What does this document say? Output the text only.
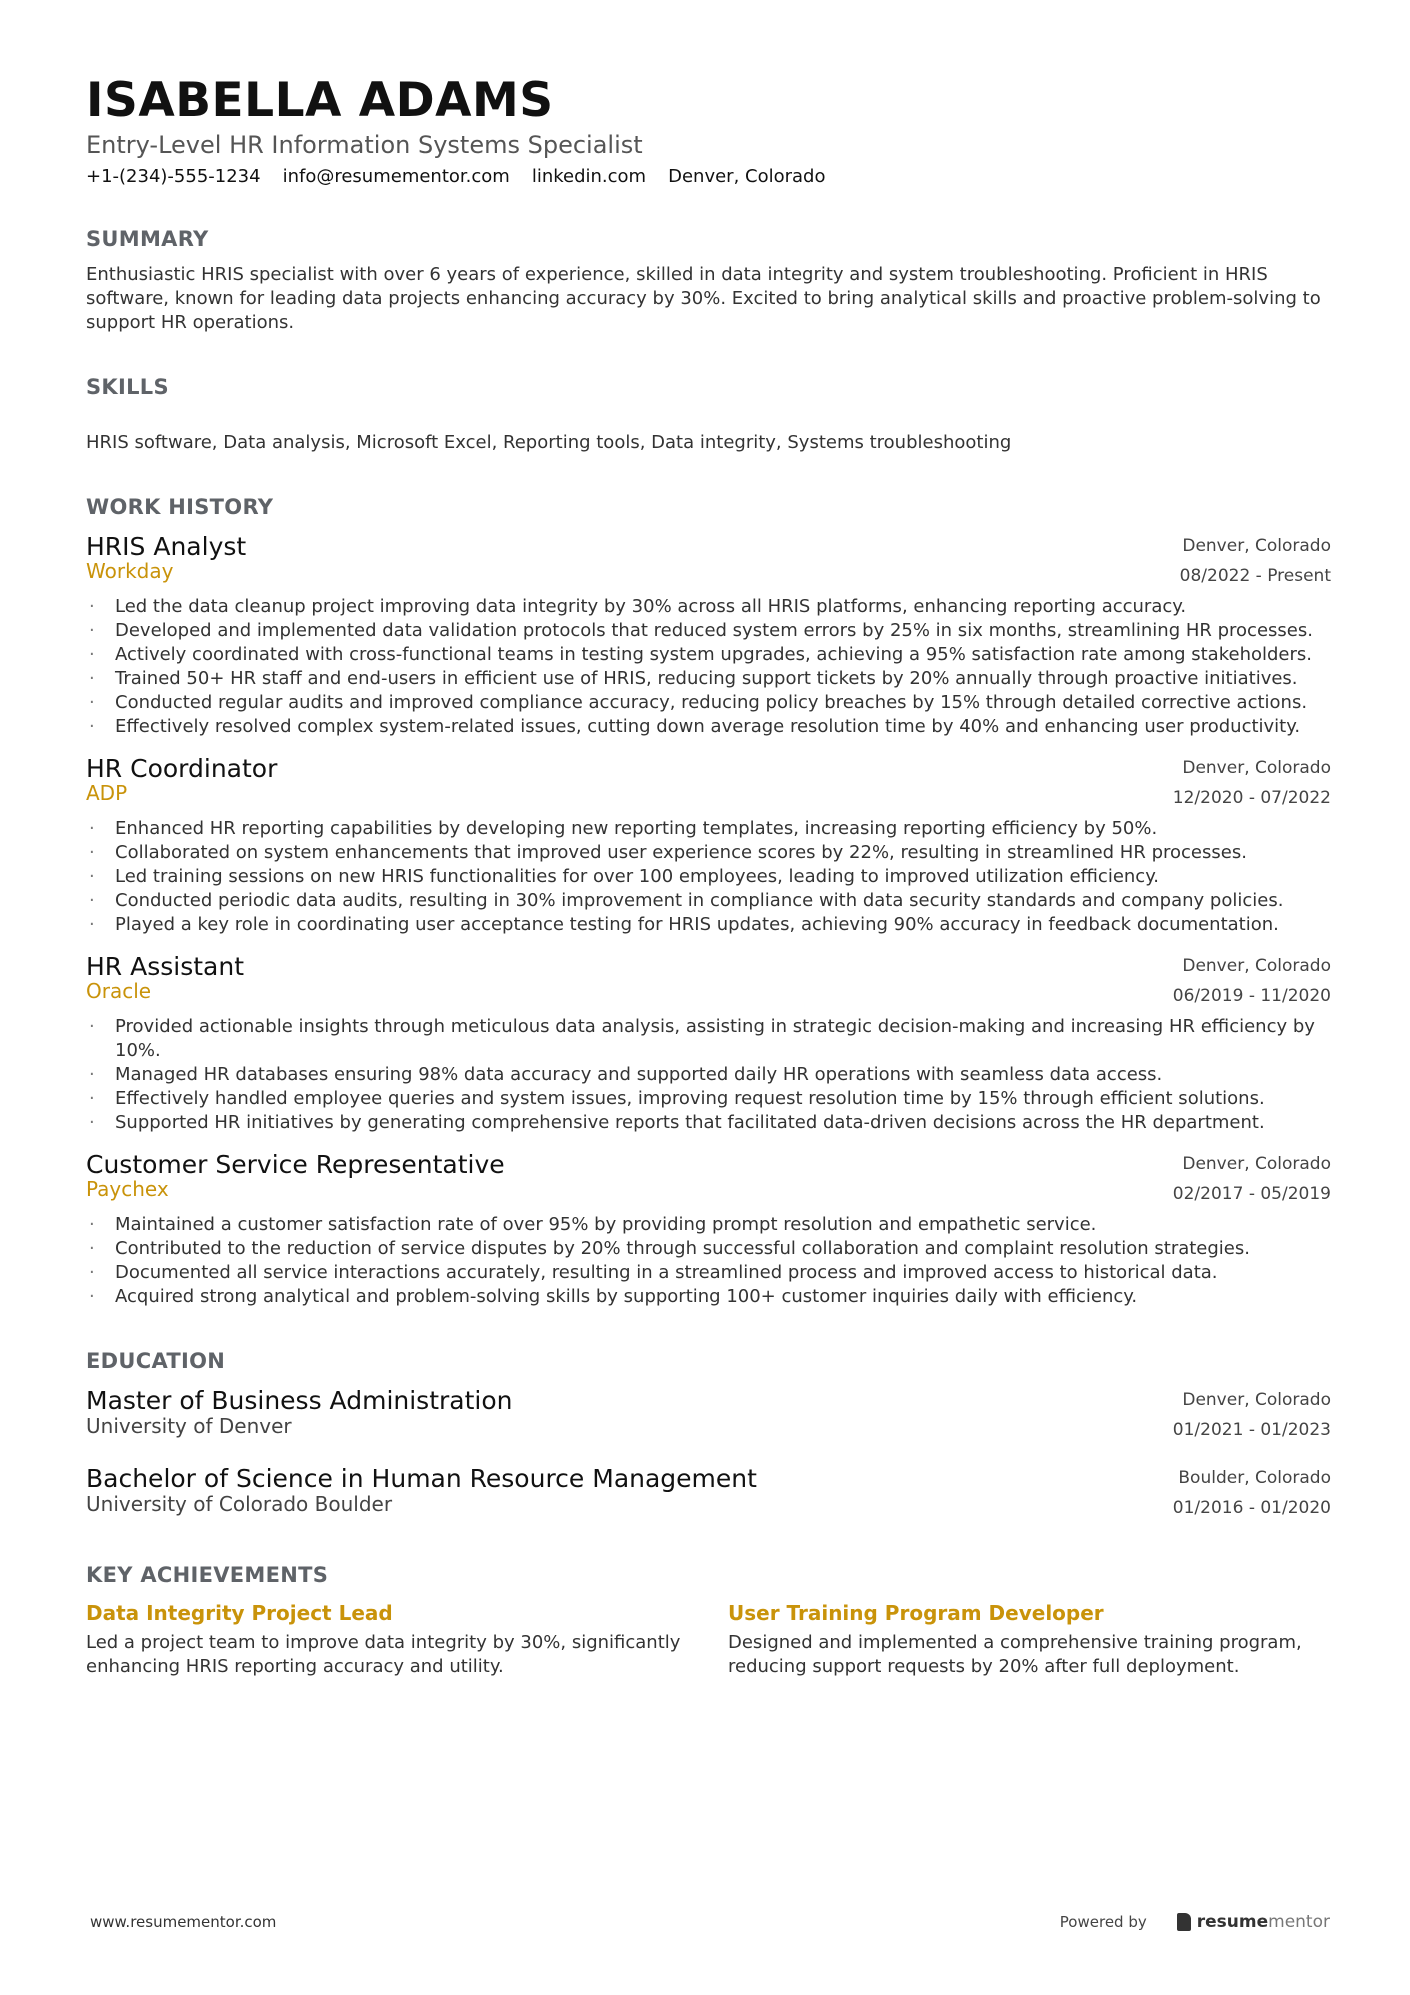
ISABELLA ADAMS
Entry-Level HR Information Systems Specialist
+1-(234)-555-1234 info@resumementor.com linkedin.com Denver, Colorado
SUMMARY
Enthusiastic HRIS specialist with over 6 years of experience, skilled in data integrity and system troubleshooting. Proficient in HRIS software, known for leading data projects enhancing accuracy by 30%. Excited to bring analytical skills and proactive problem-solving to support HR operations.
SKILLS
HRIS software, Data analysis, Microsoft Excel, Reporting tools, Data integrity, Systems troubleshooting
WORK HISTORY
HRIS Analyst
Workday
Denver, Colorado
08/2022 - Present
· Led the data cleanup project improving data integrity by 30% across all HRIS platforms, enhancing reporting accuracy.
· Developed and implemented data validation protocols that reduced system errors by 25% in six months, streamlining HR processes.
· Actively coordinated with cross-functional teams in testing system upgrades, achieving a 95% satisfaction rate among stakeholders.
· Trained 50+ HR staff and end-users in efficient use of HRIS, reducing support tickets by 20% annually through proactive initiatives.
· Conducted regular audits and improved compliance accuracy, reducing policy breaches by 15% through detailed corrective actions.
· Effectively resolved complex system-related issues, cutting down average resolution time by 40% and enhancing user productivity.
HR Coordinator
ADP
Denver, Colorado
12/2020 - 07/2022
· Enhanced HR reporting capabilities by developing new reporting templates, increasing reporting efficiency by 50%.
· Collaborated on system enhancements that improved user experience scores by 22%, resulting in streamlined HR processes.
· Led training sessions on new HRIS functionalities for over 100 employees, leading to improved utilization efficiency.
· Conducted periodic data audits, resulting in 30% improvement in compliance with data security standards and company policies.
· Played a key role in coordinating user acceptance testing for HRIS updates, achieving 90% accuracy in feedback documentation.
HR Assistant
Oracle
Denver, Colorado
06/2019 - 11/2020
· Provided actionable insights through meticulous data analysis, assisting in strategic decision-making and increasing HR efficiency by 10%.
· Managed HR databases ensuring 98% data accuracy and supported daily HR operations with seamless data access.
· Effectively handled employee queries and system issues, improving request resolution time by 15% through efficient solutions.
· Supported HR initiatives by generating comprehensive reports that facilitated data-driven decisions across the HR department.
Customer Service Representative
Paychex
Denver, Colorado
02/2017 - 05/2019
· Maintained a customer satisfaction rate of over 95% by providing prompt resolution and empathetic service.
· Contributed to the reduction of service disputes by 20% through successful collaboration and complaint resolution strategies.
· Documented all service interactions accurately, resulting in a streamlined process and improved access to historical data.
· Acquired strong analytical and problem-solving skills by supporting 100+ customer inquiries daily with efficiency.
EDUCATION
Master of Business Administration
University of Denver
Denver, Colorado
01/2021 - 01/2023
Bachelor of Science in Human Resource Management
University of Colorado Boulder
Boulder, Colorado
01/2016 - 01/2020
KEY ACHIEVEMENTS
Data Integrity Project Lead
Led a project team to improve data integrity by 30%, significantly enhancing HRIS reporting accuracy and utility.
User Training Program Developer
Designed and implemented a comprehensive training program, reducing support requests by 20% after full deployment.
www.resumementor.com	Powered by	resumementor
